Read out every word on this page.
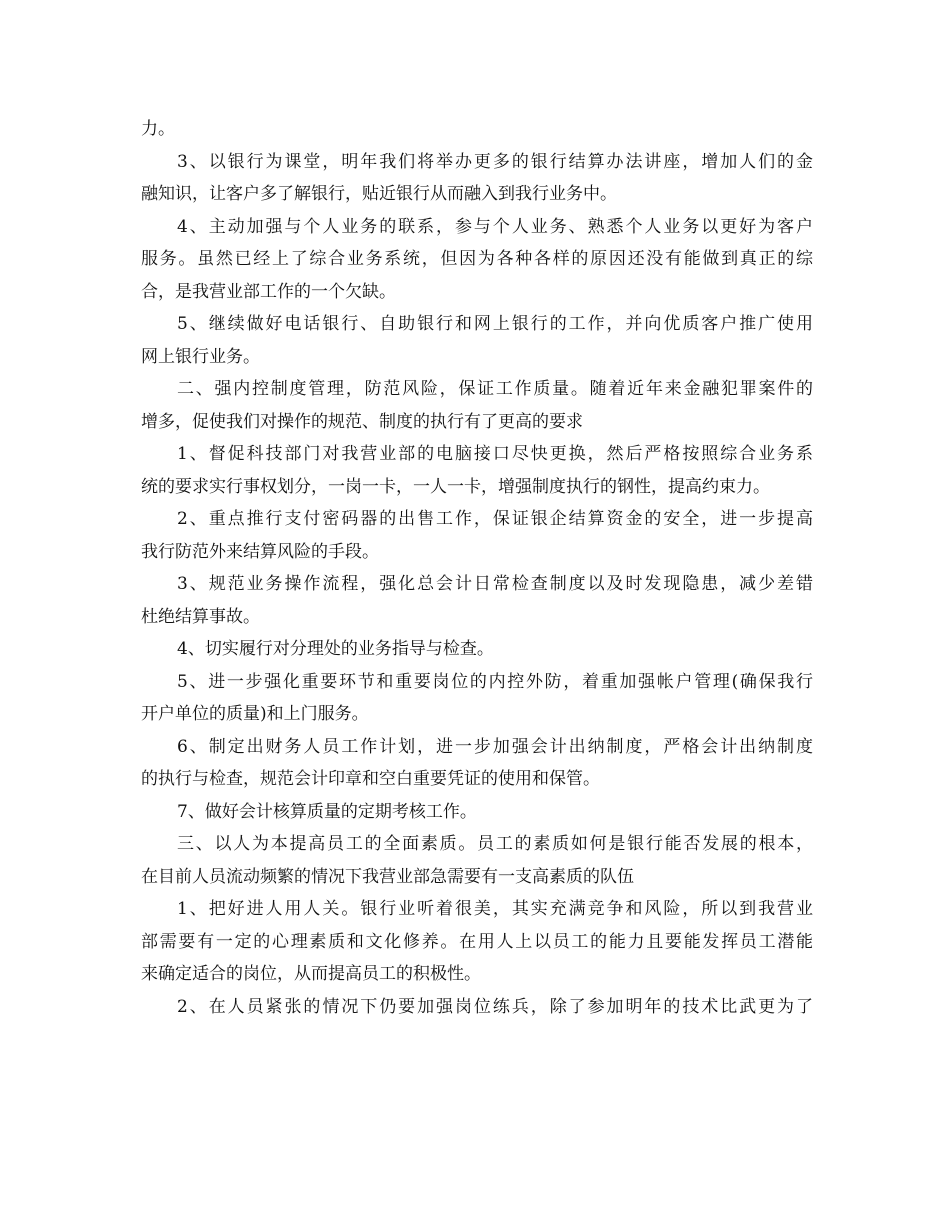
力。
3、以银行为课堂，明年我们将举办更多的银行结算办法讲座，增加人们的金
融知识，让客户多了解银行，贴近银行从而融入到我行业务中。
4、主动加强与个人业务的联系，参与个人业务、熟悉个人业务以更好为客户
服务。虽然已经上了综合业务系统，但因为各种各样的原因还没有能做到真正的综
合，是我营业部工作的一个欠缺。
5、继续做好电话银行、自助银行和网上银行的工作，并向优质客户推广使用
网上银行业务。
二、强内控制度管理，防范风险，保证工作质量。随着近年来金融犯罪案件的
增多，促使我们对操作的规范、制度的执行有了更高的要求
1、督促科技部门对我营业部的电脑接口尽快更换，然后严格按照综合业务系
统的要求实行事权划分，一岗一卡，一人一卡，增强制度执行的钢性，提高约束力。
2、重点推行支付密码器的出售工作，保证银企结算资金的安全，进一步提高
我行防范外来结算风险的手段。
3、规范业务操作流程，强化总会计日常检查制度以及时发现隐患，减少差错
杜绝结算事故。
4、切实履行对分理处的业务指导与检查。
5、进一步强化重要环节和重要岗位的内控外防，着重加强帐户管理(确保我行
开户单位的质量)和上门服务。
6、制定出财务人员工作计划，进一步加强会计出纳制度，严格会计出纳制度
的执行与检查，规范会计印章和空白重要凭证的使用和保管。
7、做好会计核算质量的定期考核工作。
三、以人为本提高员工的全面素质。员工的素质如何是银行能否发展的根本，
在目前人员流动频繁的情况下我营业部急需要有一支高素质的队伍
1、把好进人用人关。银行业听着很美，其实充满竞争和风险，所以到我营业
部需要有一定的心理素质和文化修养。在用人上以员工的能力且要能发挥员工潜能
来确定适合的岗位，从而提高员工的积极性。
2、在人员紧张的情况下仍要加强岗位练兵，除了参加明年的技术比武更为了
